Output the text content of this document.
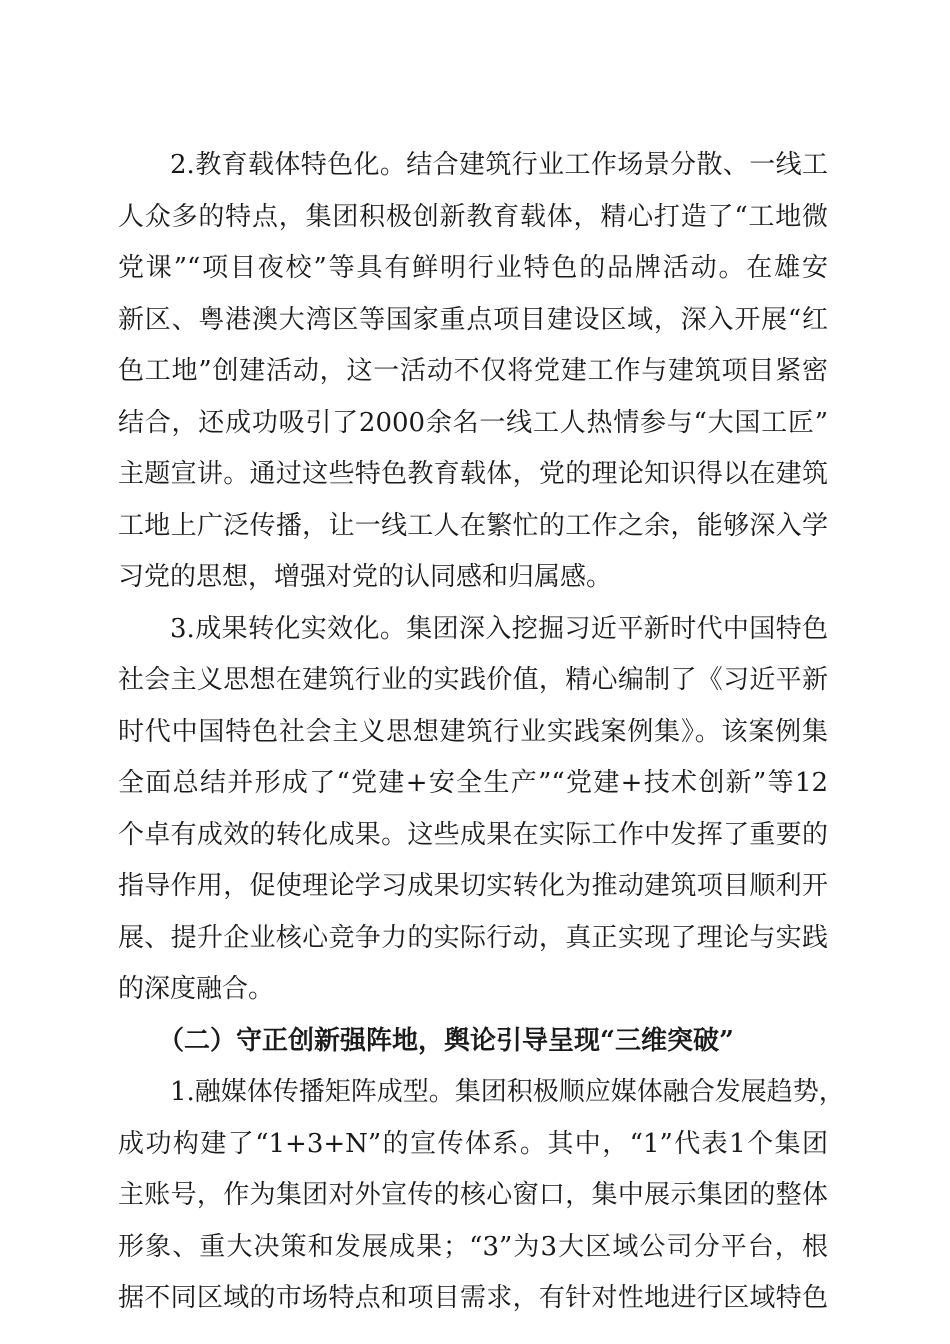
2.教育载体特色化。结合建筑行业工作场景分散、一线工
人众多的特点，集团积极创新教育载体，精心打造了“工地微
党课”“项目夜校”等具有鲜明行业特色的品牌活动。在雄安
新区、粤港澳大湾区等国家重点项目建设区域，深入开展“红
色工地”创建活动，这一活动不仅将党建工作与建筑项目紧密
结合，还成功吸引了2000余名一线工人热情参与“大国工匠”
主题宣讲。通过这些特色教育载体，党的理论知识得以在建筑
工地上广泛传播，让一线工人在繁忙的工作之余，能够深入学
习党的思想，增强对党的认同感和归属感。
3.成果转化实效化。集团深入挖掘习近平新时代中国特色
社会主义思想在建筑行业的实践价值，精心编制了《习近平新
时代中国特色社会主义思想建筑行业实践案例集》。该案例集
全面总结并形成了“党建+安全生产”“党建+技术创新”等12
个卓有成效的转化成果。这些成果在实际工作中发挥了重要的
指导作用，促使理论学习成果切实转化为推动建筑项目顺利开
展、提升企业核心竞争力的实际行动，真正实现了理论与实践
的深度融合。
（二）守正创新强阵地，舆论引导呈现“三维突破”
1.融媒体传播矩阵成型。集团积极顺应媒体融合发展趋势，
成功构建了“1+3+N”的宣传体系。其中，“1”代表1个集团
主账号，作为集团对外宣传的核心窗口，集中展示集团的整体
形象、重大决策和发展成果；“3”为3大区域公司分平台，根
据不同区域的市场特点和项目需求，有针对性地进行区域特色
